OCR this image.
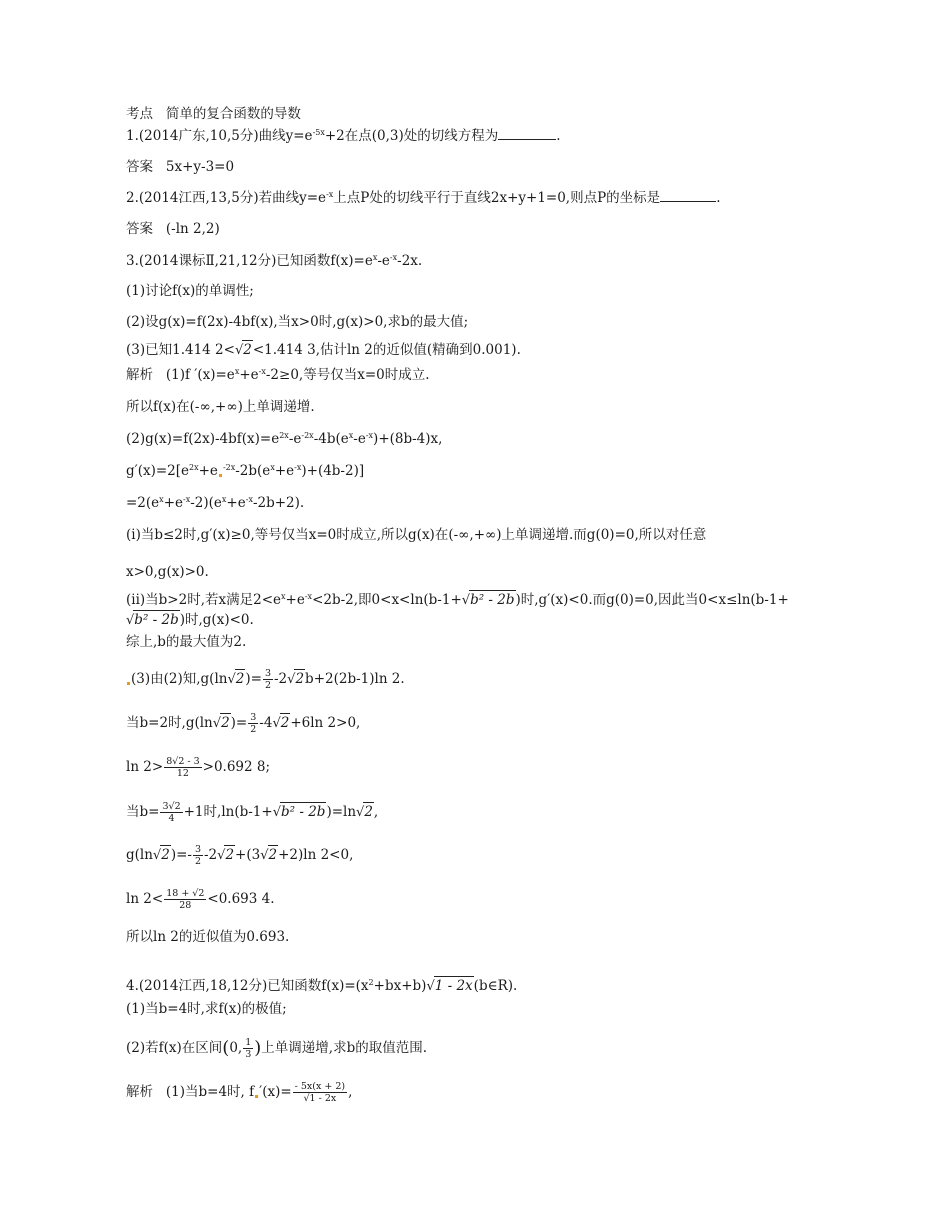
考点 简单的复合函数的导数
1.(2014广东,10,5分)曲线$y=e^{-5x}+2$在点(0,3)处的切线方程为	.
答案 5x+y-3=0
2.(2014江西,13,5分)若曲线$y=e^{-x}$上点P处的切线平行于直线2x+y+1=0,则点P的坐标是	.
答案 (-ln 2,2)
3.(2014课标Ⅱ,21,12分)已知函数$f(x)=e^x-e^{-x}-2x$.
(1)讨论f(x)的单调性;
(2)设g(x)=f(2x)-4bf(x),当x>0时,g(x)>0,求b的最大值;
(3)已知1.414 2<√2<1.414 3,估计ln 2的近似值(精确到0.001).
解析 (1)f $'(x)=e^x+e^{-x}-2\ge 0$,等号仅当x=0时成立.
所以f(x)在(-∞,+∞)上单调递增.
$(2)g(x)=f(2x)-4bf(x)=e^{2x}-e^{-2x}-4b(e^x-e^{-x})+(8b-4)x$,
$g'(x)=2[e^{2x}+e$ $^{-2x}-2b(e^x+e^{-x})+(4b-2)$]
$=2(e^x+e^{-x}-2)(e^x+e^{-x}-2b+2)$.
(i)当b≤2时,g′(x)≥0,等号仅当x=0时成立,所以g(x)在(-∞,+∞)上单调递增.而g(0)=0,所以对任意
x>0,g(x)>0.
(ii)当b>2时,若x满足$2<e^x+e^{-x}<2b-2$,即0<x<ln(b-1+√b² - 2b)时,g′(x)<0.而g(0)=0,因此当0<x≤ln(b-1+
√b² - 2b)时,g(x)<0.
综上,b的最大值为2.
(3)由(2)知$,g(\ln√2)= \frac{3}{2} -2√2b+2(2b-1)\ln$ 2.
当b=2时$,g(\ln√2)= \frac{3}{2} -4√2+6\ln$ 2>0,
$\ln 2> \frac{8√2 - 3}{12} >0.692$ 8;
当$b= \frac{3√2}{4} +1$时,ln(b-1+√b² - 2b)=ln√2,
$g(\ln√2)=- \frac{3}{2} -2√2+(3√2+2)\ln$ 2<0,
$\ln 2< \frac{18 + √2}{28} <0.693$ 4.
所以ln 2的近似值为0.693.
4.(2014江西,18,12分)已知函数$f(x)=(x^2+bx+b)√1$ - 2x(b∈R).
(1)当b=4时,求f(x)的极值;
(2)若f(x)在区间(0, $\frac{1}{3}$ )上单调递增,求b的取值范围.
解析 (1)当b=4时, f $'(x)= \frac{- 5x(x + 2)}{√1 - 2x}$ ,
